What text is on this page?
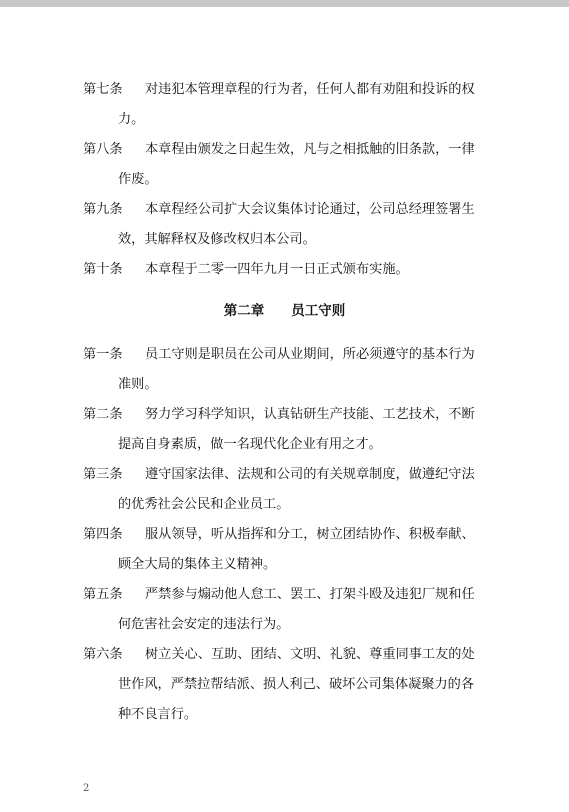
第七条 对违犯本管理章程的行为者，任何人都有劝阻和投诉的权
力。
第八条 本章程由颁发之日起生效，凡与之相抵触的旧条款，一律
作废。
第九条 本章程经公司扩大会议集体讨论通过，公司总经理签署生
效，其解释权及修改权归本公司。
第十条 本章程于二零一四年九月一日正式颁布实施。
第二章　　员工守则
第一条 员工守则是职员在公司从业期间，所必须遵守的基本行为
准则。
第二条 努力学习科学知识，认真钻研生产技能、工艺技术，不断
提高自身素质，做一名现代化企业有用之才。
第三条 遵守国家法律、法规和公司的有关规章制度，做遵纪守法
的优秀社会公民和企业员工。
第四条 服从领导，听从指挥和分工，树立团结协作、积极奉献、
顾全大局的集体主义精神。
第五条 严禁参与煽动他人怠工、罢工、打架斗殴及违犯厂规和任
何危害社会安定的违法行为。
第六条 树立关心、互助、团结、文明、礼貌、尊重同事工友的处
世作风，严禁拉帮结派、损人利己、破坏公司集体凝聚力的各
种不良言行。
2
